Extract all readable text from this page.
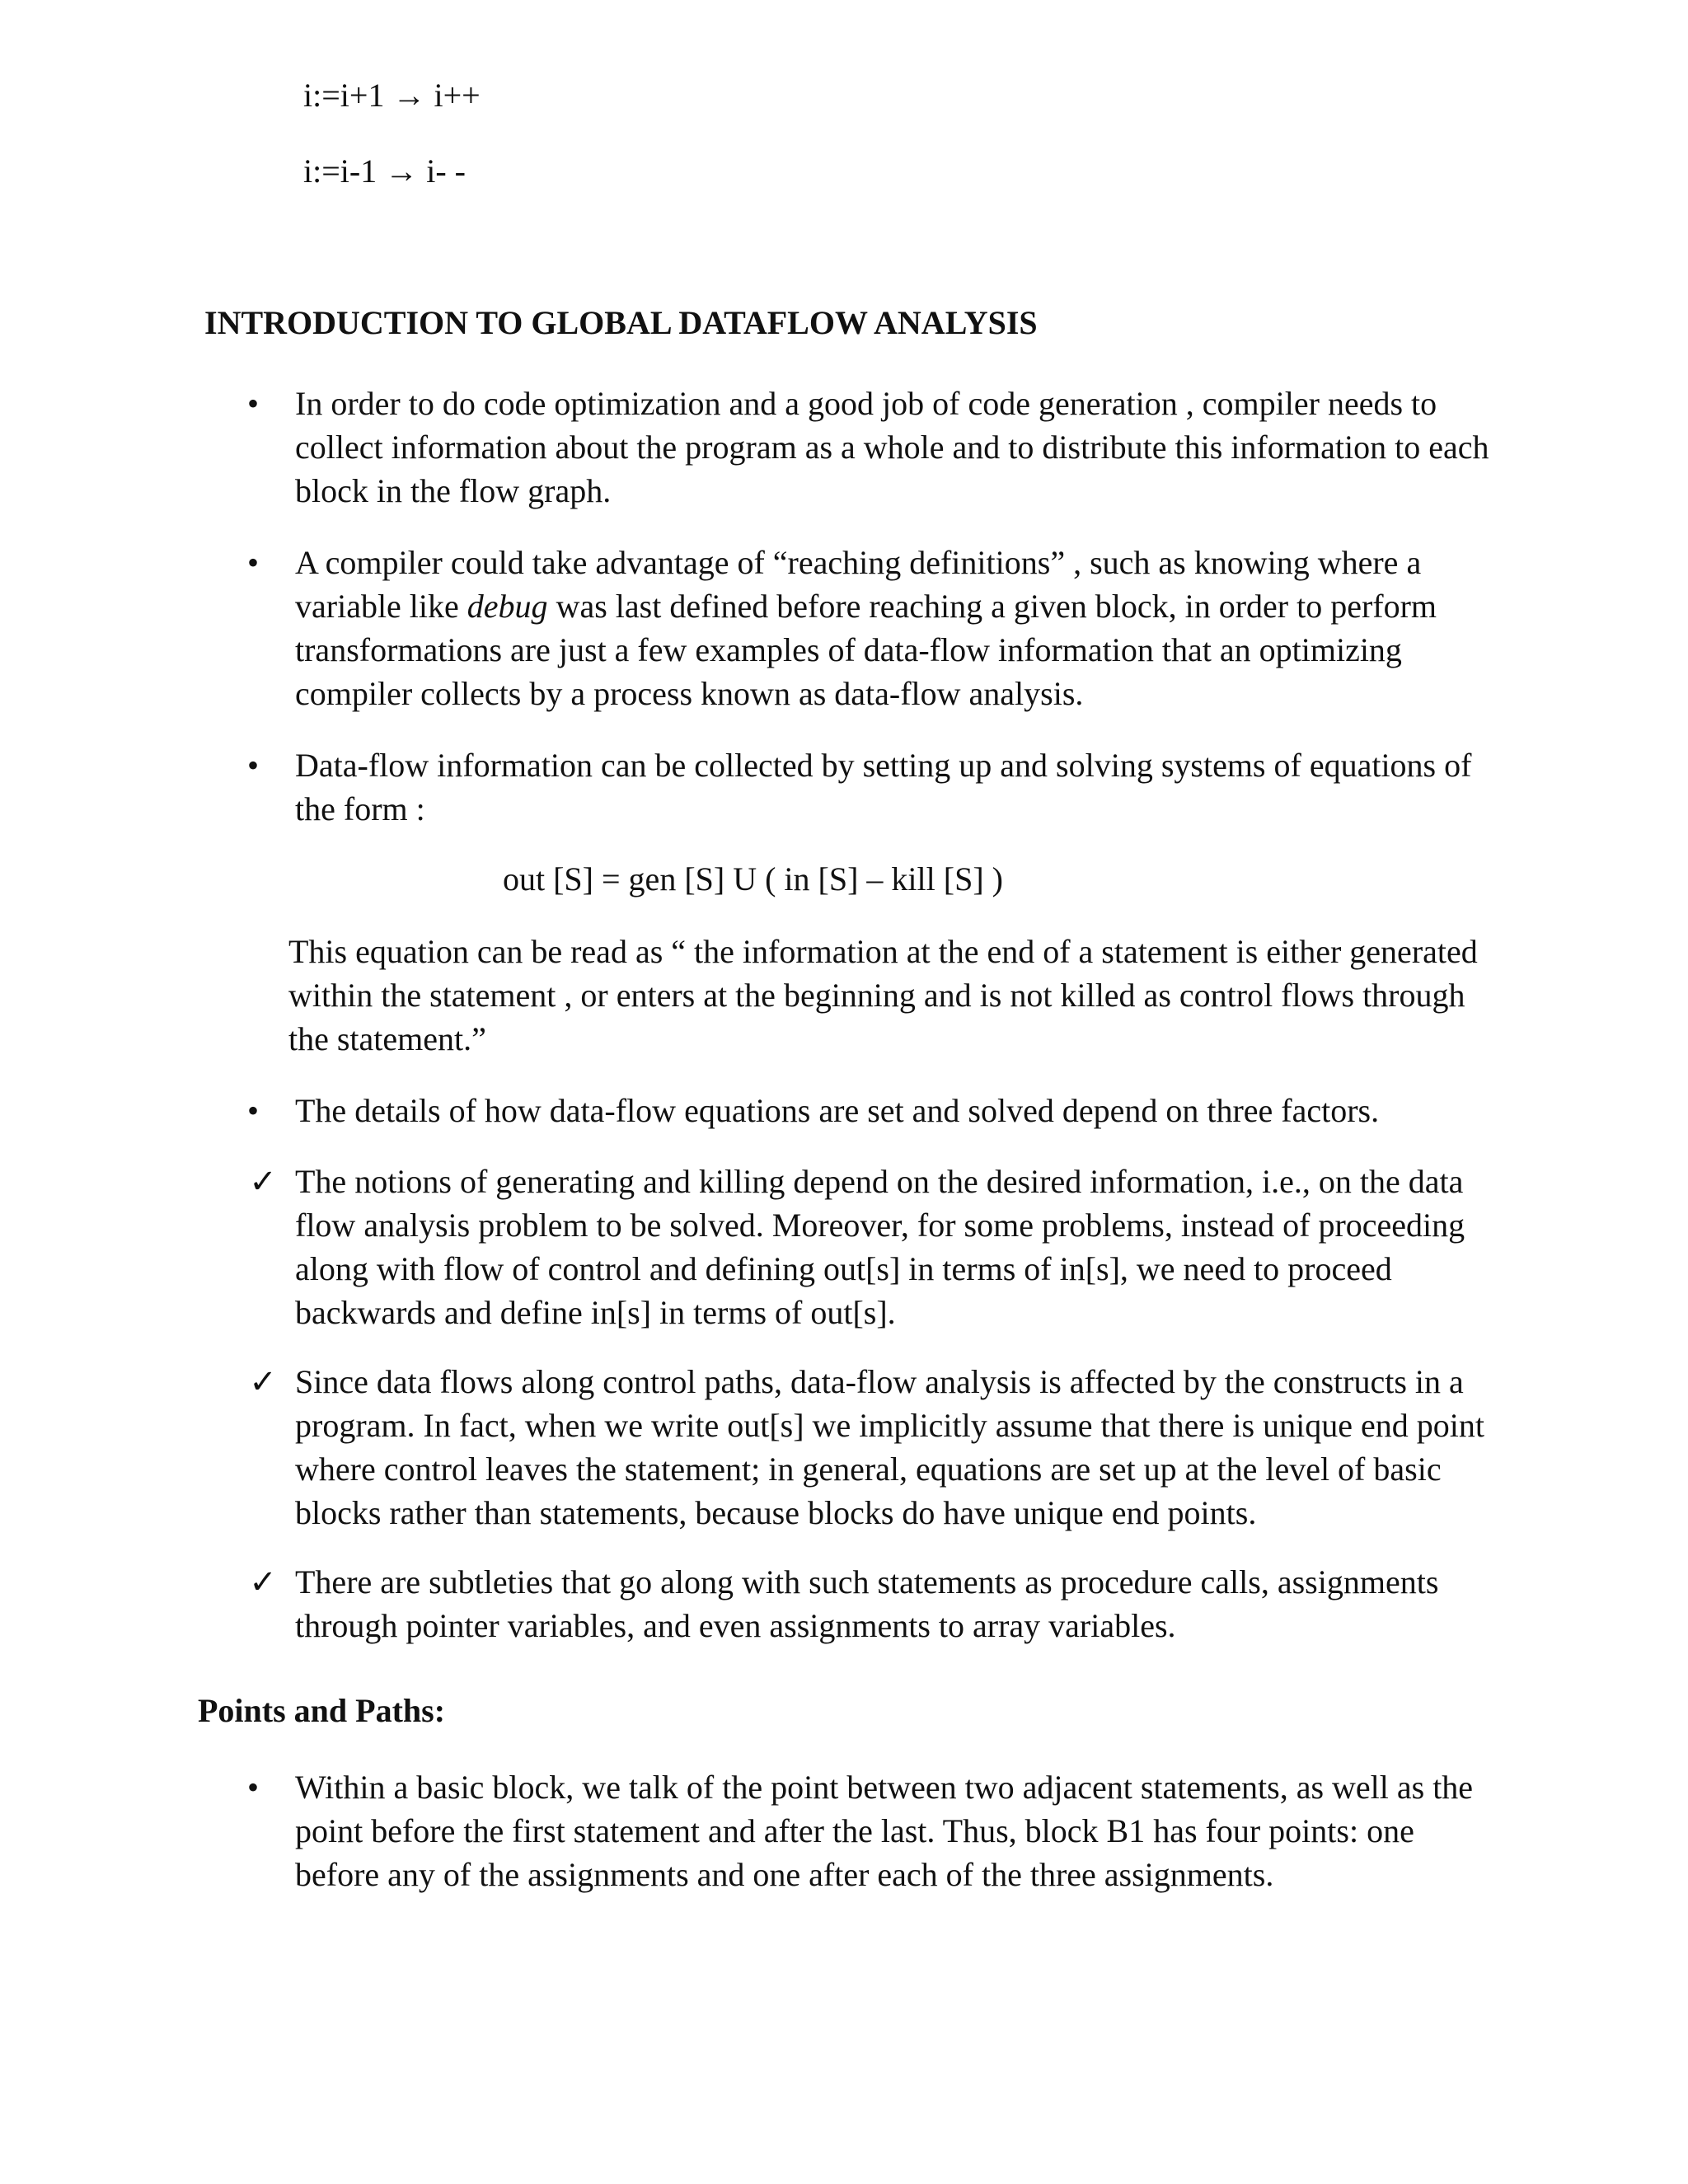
i:=i+1 → i++
i:=i-1 → i- -
INTRODUCTION TO GLOBAL DATAFLOW ANALYSIS
•	In order to do code optimization and a good job of code generation , compiler needs to collect information about the program as a whole and to distribute this information to each block in the flow graph.

•	A compiler could take advantage of “reaching definitions” , such as knowing where a variable like debug was last defined before reaching a given block, in order to perform transformations are just a few examples of data-flow information that an optimizing compiler collects by a process known as data-flow analysis.

•	Data-flow information can be collected by setting up and solving systems of equations of the form :

out [S] = gen [S] U ( in [S] – kill [S] )

This equation can be read as “ the information at the end of a statement is either generated within the statement , or enters at the beginning and is not killed as control flows through the statement.”

•	The details of how data-flow equations are set and solved depend on three factors.

✓ The notions of generating and killing depend on the desired information, i.e., on the data flow analysis problem to be solved. Moreover, for some problems, instead of proceeding along with flow of control and defining out[s] in terms of in[s], we need to proceed backwards and define in[s] in terms of out[s].

✓ Since data flows along control paths, data-flow analysis is affected by the constructs in a program. In fact, when we write out[s] we implicitly assume that there is unique end point where control leaves the statement; in general, equations are set up at the level of basic blocks rather than statements, because blocks do have unique end points.

✓ There are subtleties that go along with such statements as procedure calls, assignments through pointer variables, and even assignments to array variables.

Points and Paths:
•	Within a basic block, we talk of the point between two adjacent statements, as well as the point before the first statement and after the last. Thus, block B1 has four points: one before any of the assignments and one after each of the three assignments.
